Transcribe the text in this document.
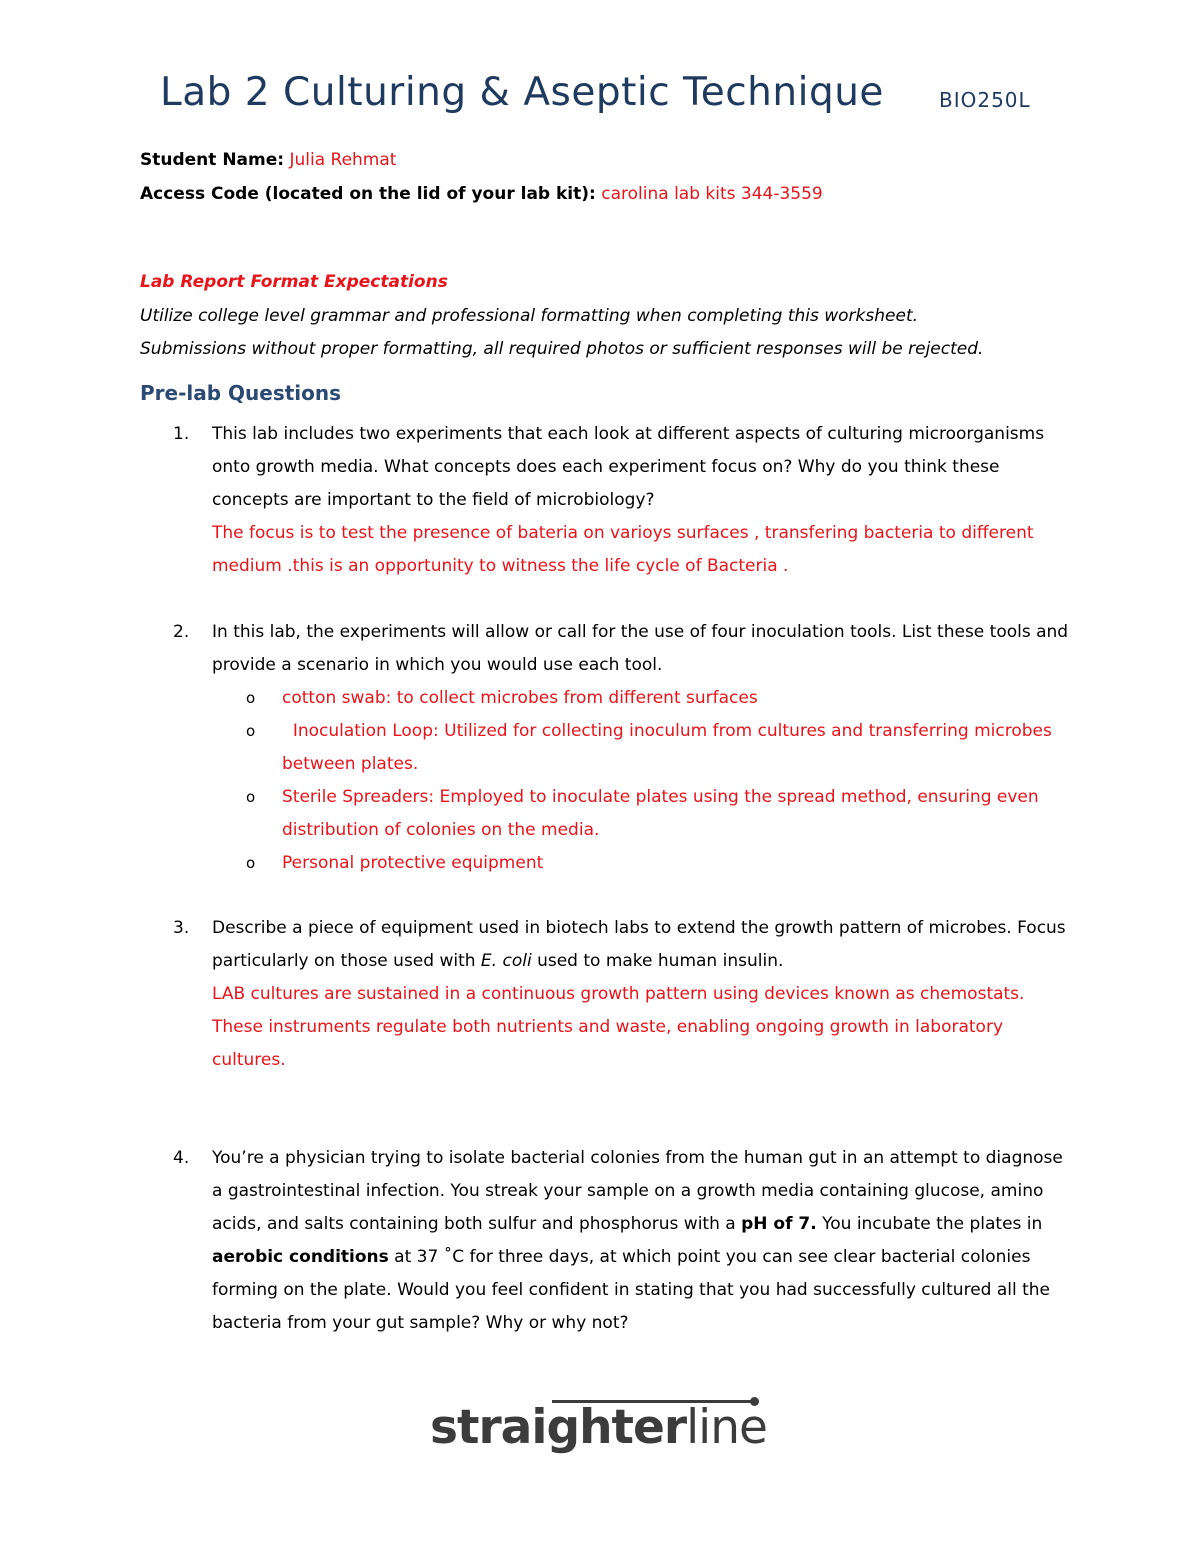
Lab 2 Culturing & Aseptic Technique	BIO250L
Student Name: Julia Rehmat
Access Code (located on the lid of your lab kit): carolina lab kits 344-3559
Lab Report Format Expectations
Utilize college level grammar and professional formatting when completing this worksheet.
Submissions without proper formatting, all required photos or sufficient responses will be rejected.
Pre-lab Questions
1. This lab includes two experiments that each look at different aspects of culturing microorganisms onto growth media. What concepts does each experiment focus on? Why do you think these concepts are important to the field of microbiology?

The focus is to test the presence of bateria on varioys surfaces , transfering bacteria to different medium .this is an opportunity to witness the life cycle of Bacteria .

2. In this lab, the experiments will allow or call for the use of four inoculation tools. List these tools and provide a scenario in which you would use each tool.

o cotton swab: to collect microbes from different surfaces
o Inoculation Loop: Utilized for collecting inoculum from cultures and transferring microbes between plates.
o Sterile Spreaders: Employed to inoculate plates using the spread method, ensuring even distribution of colonies on the media.
o Personal protective equipment
3. Describe a piece of equipment used in biotech labs to extend the growth pattern of microbes. Focus particularly on those used with E. coli used to make human insulin.

LAB cultures are sustained in a continuous growth pattern using devices known as chemostats. These instruments regulate both nutrients and waste, enabling ongoing growth in laboratory cultures.

4. You’re a physician trying to isolate bacterial colonies from the human gut in an attempt to diagnose a gastrointestinal infection. You streak your sample on a growth media containing glucose, amino acids, and salts containing both sulfur and phosphorus with a pH of 7. You incubate the plates in aerobic conditions at 37 ˚C for three days, at which point you can see clear bacterial colonies forming on the plate. Would you feel confident in stating that you had successfully cultured all the bacteria from your gut sample? Why or why not?

straighterline
